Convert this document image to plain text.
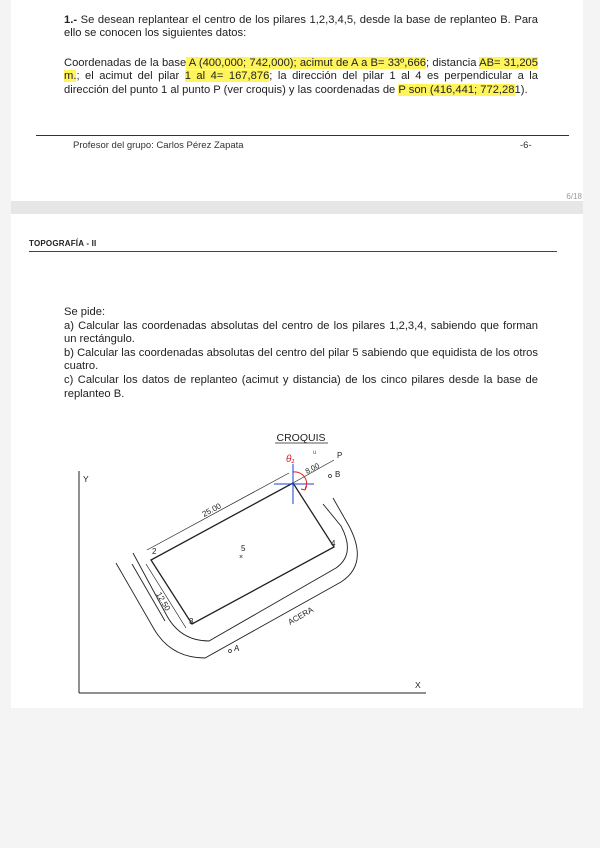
1.- Se desean replantear el centro de los pilares 1,2,3,4,5, desde la base de replanteo B. Para ello se conocen los siguientes datos:

Coordenadas de la base A (400,000; 742,000); acimut de A a B= 33º,666; distancia AB= 31,205 m.; el acimut del pilar 1 al 4= 167,876; la dirección del pilar 1 al 4 es perpendicular a la dirección del punto 1 al punto P (ver croquis) y las coordenadas de P son (416,441; 772,281).

Profesor del grupo: Carlos Pérez Zapata	-6-
6/18
TOPOGRAFÍA - II
Se pide:
a) Calcular las coordenadas absolutas del centro de los pilares 1,2,3,4, sabiendo que forman un rectángulo.
b) Calcular las coordenadas absolutas del centro del pilar 5 sabiendo que equidista de los otros cuatro.
c) Calcular los datos de replanteo (acimut y distancia) de los cinco pilares desde la base de replanteo B.
CROQUIS
Y
X
ACERA
25.00
12.50
2
3
4
5
×
A
B
P
8.00
θ₁
u
